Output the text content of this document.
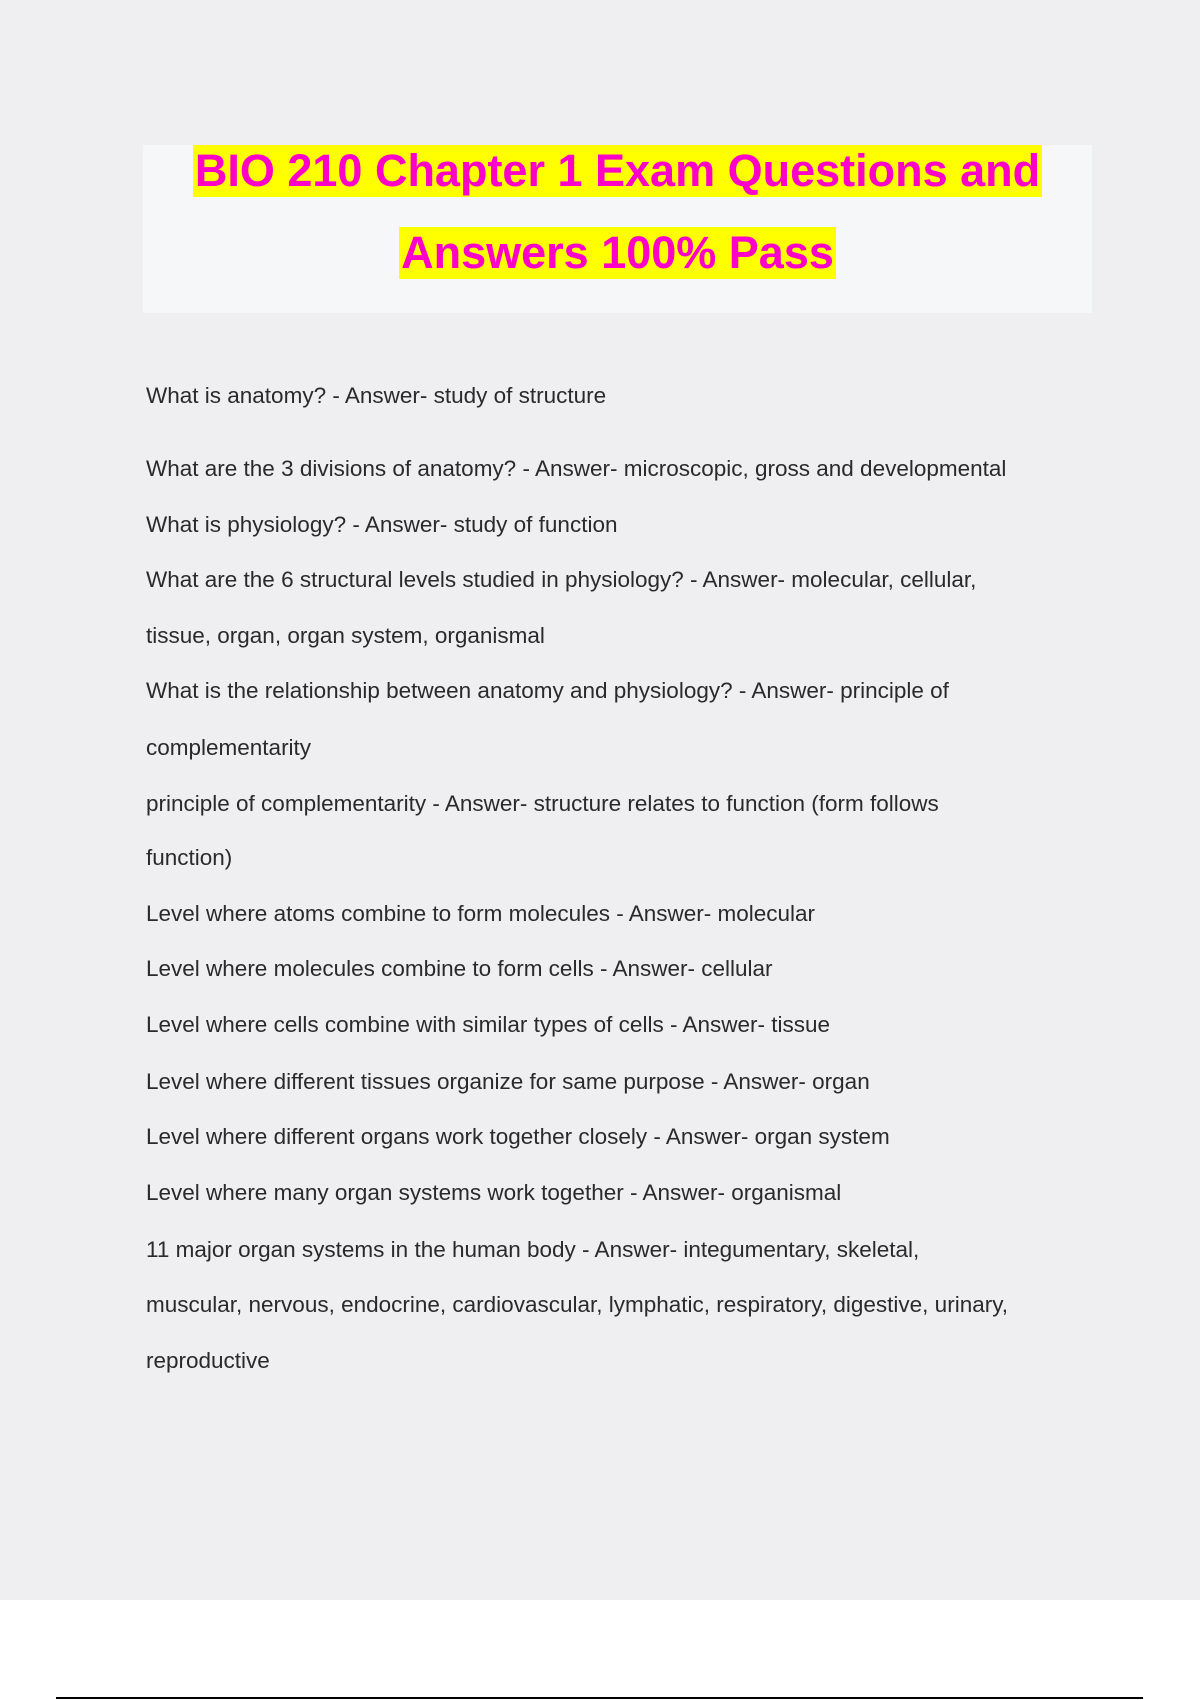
BIO 210 Chapter 1 Exam Questions and
Answers 100% Pass
What is anatomy? - Answer- study of structure
What are the 3 divisions of anatomy? - Answer- microscopic, gross and developmental
What is physiology? - Answer- study of function
What are the 6 structural levels studied in physiology? - Answer- molecular, cellular,
tissue, organ, organ system, organismal
What is the relationship between anatomy and physiology? - Answer- principle of
complementarity
principle of complementarity - Answer- structure relates to function (form follows
function)
Level where atoms combine to form molecules - Answer- molecular
Level where molecules combine to form cells - Answer- cellular
Level where cells combine with similar types of cells - Answer- tissue
Level where different tissues organize for same purpose - Answer- organ
Level where different organs work together closely - Answer- organ system
Level where many organ systems work together - Answer- organismal
11 major organ systems in the human body - Answer- integumentary, skeletal,
muscular, nervous, endocrine, cardiovascular, lymphatic, respiratory, digestive, urinary,
reproductive
